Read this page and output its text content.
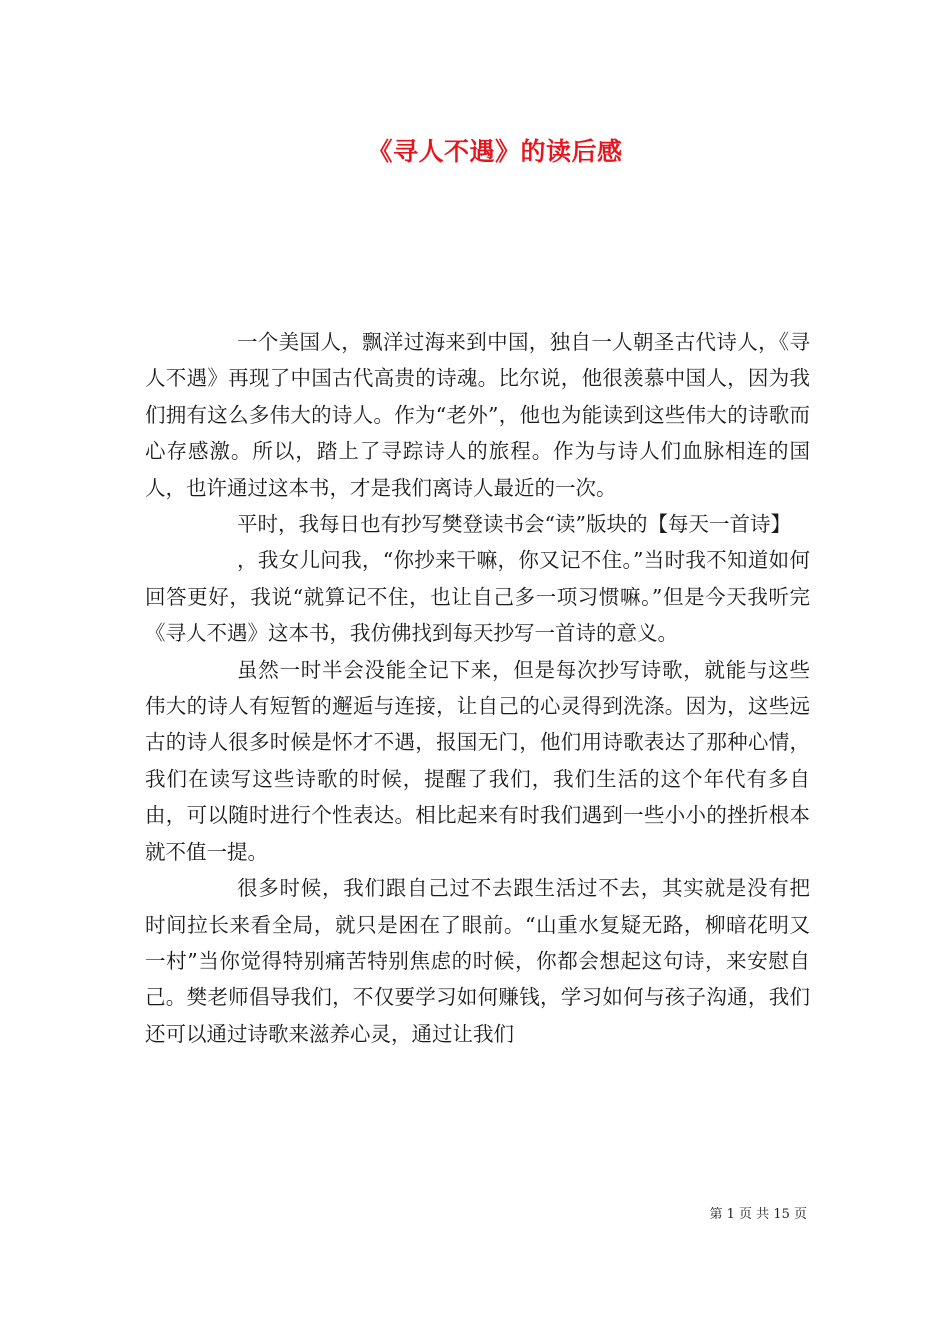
《寻人不遇》的读后感

一个美国人，飘洋过海来到中国，独自一人朝圣古代诗人，《寻人不遇》再现了中国古代高贵的诗魂。比尔说，他很羡慕中国人，因为我们拥有这么多伟大的诗人。作为“老外”，他也为能读到这些伟大的诗歌而心存感激。所以，踏上了寻踪诗人的旅程。作为与诗人们血脉相连的国人，也许通过这本书，才是我们离诗人最近的一次。

平时，我每日也有抄写樊登读书会“读”版块的【每天一首诗】

，我女儿问我，“你抄来干嘛，你又记不住。”当时我不知道如何回答更好，我说“就算记不住，也让自己多一项习惯嘛。”但是今天我听完《寻人不遇》这本书，我仿佛找到每天抄写一首诗的意义。

虽然一时半会没能全记下来，但是每次抄写诗歌，就能与这些伟大的诗人有短暂的邂逅与连接，让自己的心灵得到洗涤。因为，这些远古的诗人很多时候是怀才不遇，报国无门，他们用诗歌表达了那种心情，我们在读写这些诗歌的时候，提醒了我们，我们生活的这个年代有多自由，可以随时进行个性表达。相比起来有时我们遇到一些小小的挫折根本就不值一提。

很多时候，我们跟自己过不去跟生活过不去，其实就是没有把时间拉长来看全局，就只是困在了眼前。“山重水复疑无路，柳暗花明又一村”当你觉得特别痛苦特别焦虑的时候，你都会想起这句诗，来安慰自己。樊老师倡导我们，不仅要学习如何赚钱，学习如何与孩子沟通，我们还可以通过诗歌来滋养心灵，通过让我们

第 1 页 共 15 页
